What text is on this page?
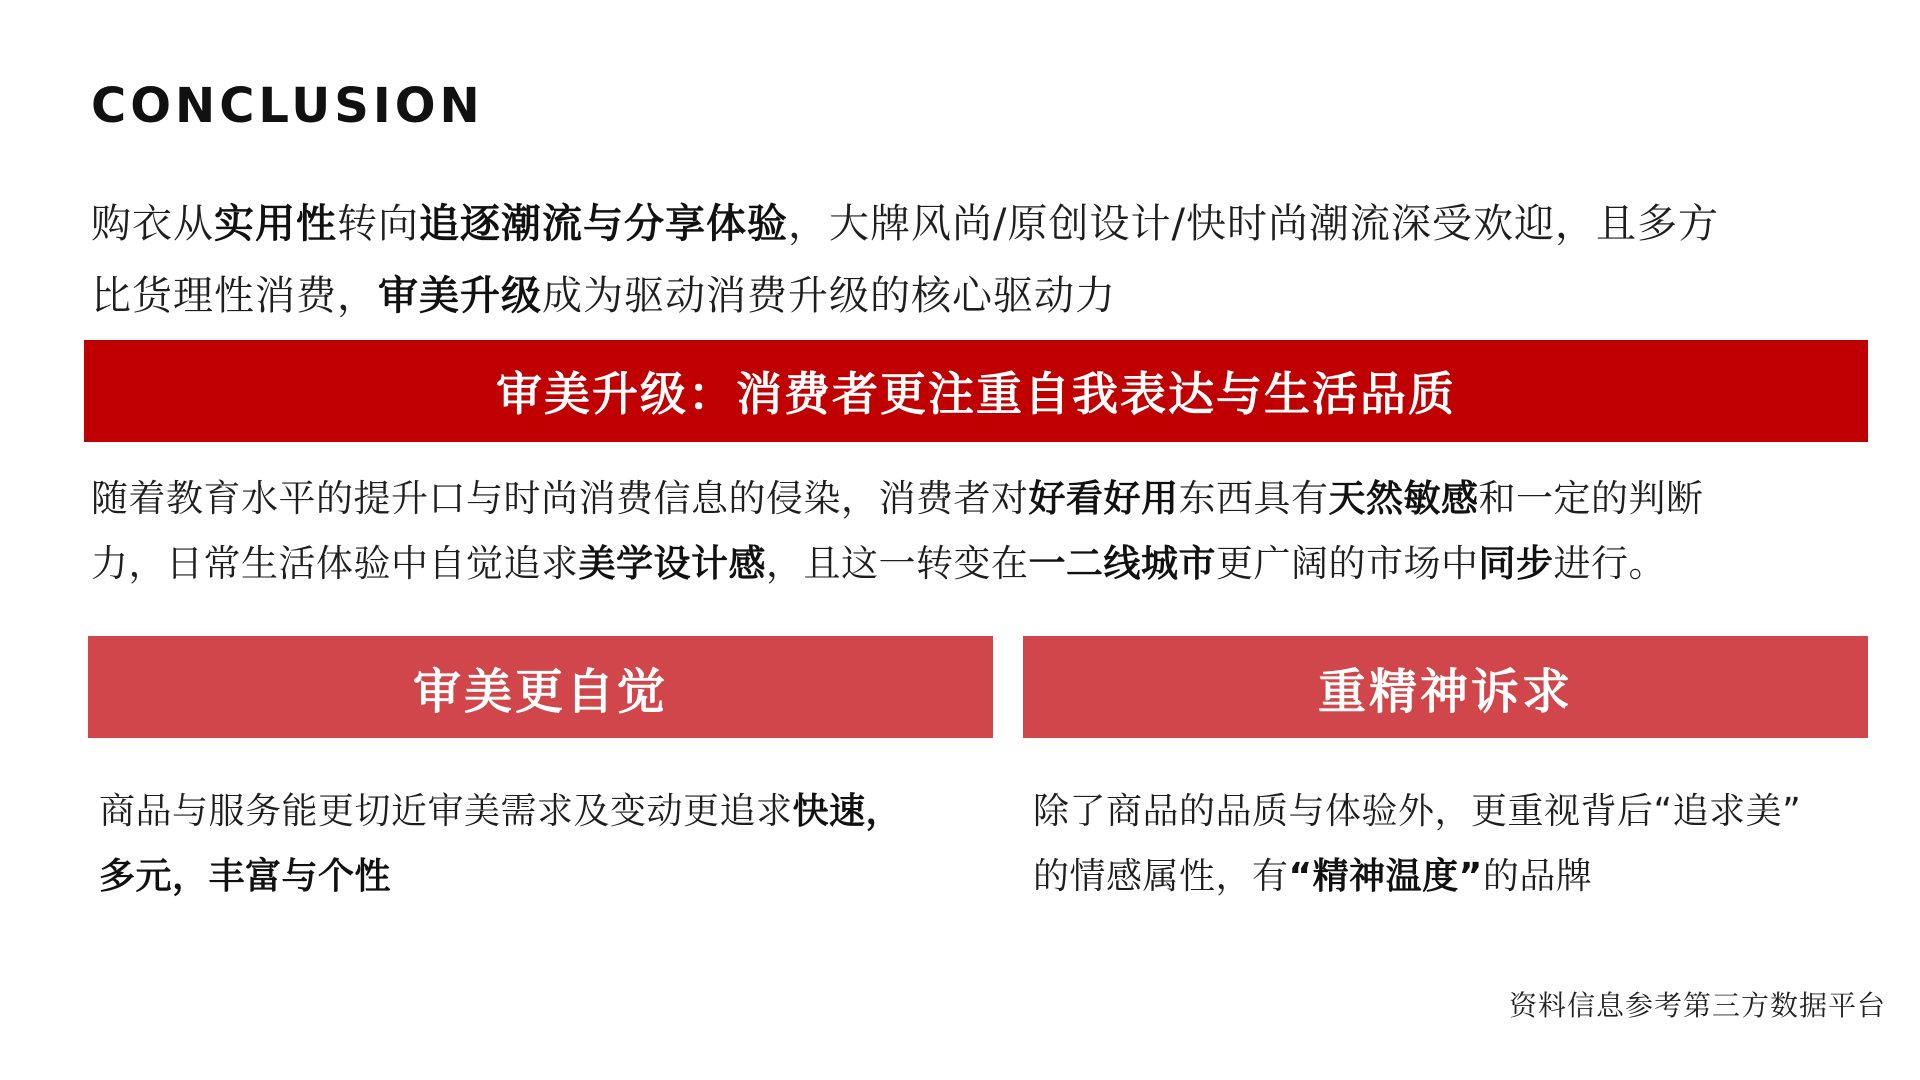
CONCLUSION
购衣从实用性转向追逐潮流与分享体验，大牌风尚/原创设计/快时尚潮流深受欢迎，且多方
比货理性消费，审美升级成为驱动消费升级的核心驱动力
审美升级：消费者更注重自我表达与生活品质
随着教育水平的提升口与时尚消费信息的侵染，消费者对好看好用东西具有天然敏感和一定的判断
力，日常生活体验中自觉追求美学设计感，且这一转变在一二线城市更广阔的市场中同步进行。
审美更自觉	重精神诉求
商品与服务能更切近审美需求及变动更追求快速，
多元，丰富与个性
除了商品的品质与体验外，更重视背后“追求美”
的情感属性，有“精神温度”的品牌
资料信息参考第三方数据平台
